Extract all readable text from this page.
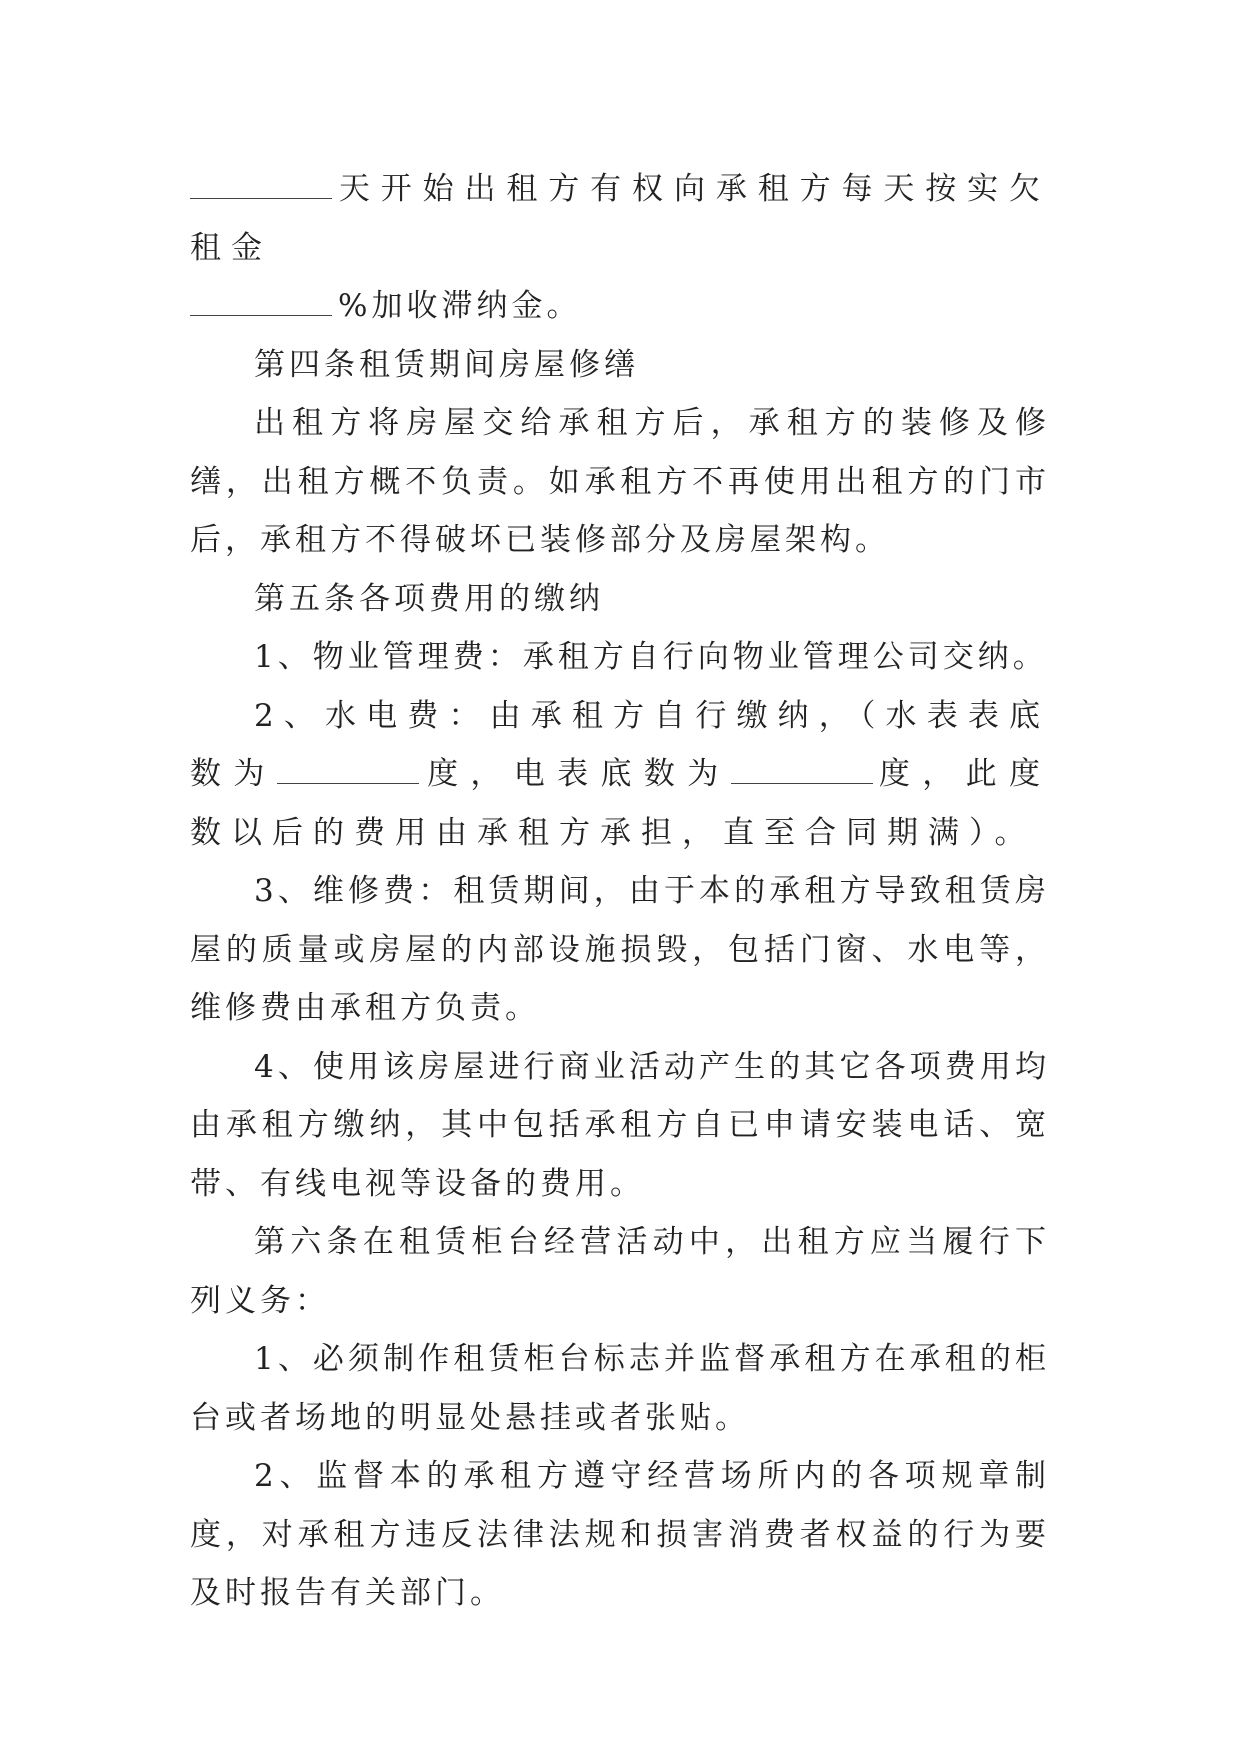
天开始出租方有权向承租方每天按实欠租金

%加收滞纳金。

第四条租赁期间房屋修缮

出租方将房屋交给承租方后，承租方的装修及修缮，出租方概不负责。如承租方不再使用出租方的门市后，承租方不得破坏已装修部分及房屋架构。

第五条各项费用的缴纳

1、物业管理费：承租方自行向物业管理公司交纳。

2、水电费：由承租方自行缴纳，（水表表底数为	度，电表底数为	度，此度数以后的费用由承租方承担，直至合同期满）。

3、维修费：租赁期间，由于本的承租方导致租赁房屋的质量或房屋的内部设施损毁，包括门窗、水电等，维修费由承租方负责。

4、使用该房屋进行商业活动产生的其它各项费用均由承租方缴纳，其中包括承租方自已申请安装电话、宽带、有线电视等设备的费用。

第六条在租赁柜台经营活动中，出租方应当履行下列义务：

1、必须制作租赁柜台标志并监督承租方在承租的柜台或者场地的明显处悬挂或者张贴。

2、监督本的承租方遵守经营场所内的各项规章制度，对承租方违反法律法规和损害消费者权益的行为要及时报告有关部门。
